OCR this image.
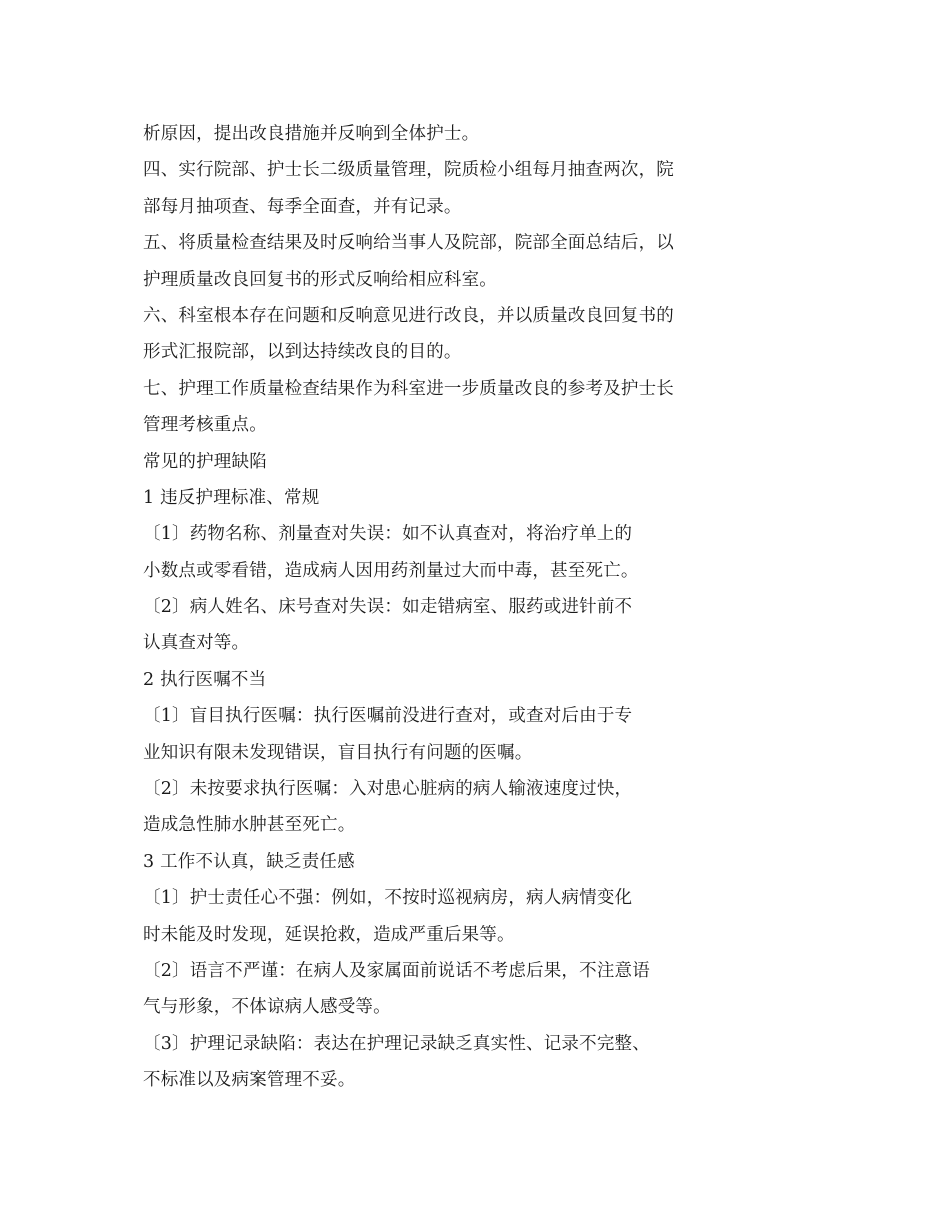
析原因，提出改良措施并反响到全体护士。
四、实行院部、护士长二级质量管理，院质检小组每月抽查两次，院
部每月抽项查、每季全面查，并有记录。
五、将质量检查结果及时反响给当事人及院部，院部全面总结后，以
护理质量改良回复书的形式反响给相应科室。
六、科室根本存在问题和反响意见进行改良，并以质量改良回复书的
形式汇报院部，以到达持续改良的目的。
七、护理工作质量检查结果作为科室进一步质量改良的参考及护士长
管理考核重点。
常见的护理缺陷
1 违反护理标准、常规
〔1〕药物名称、剂量查对失误：如不认真查对，将治疗单上的
小数点或零看错，造成病人因用药剂量过大而中毒，甚至死亡。
〔2〕病人姓名、床号查对失误：如走错病室、服药或进针前不
认真查对等。
2 执行医嘱不当
〔1〕盲目执行医嘱：执行医嘱前没进行查对，或查对后由于专
业知识有限未发现错误，盲目执行有问题的医嘱。
〔2〕未按要求执行医嘱：入对患心脏病的病人输液速度过快，
造成急性肺水肿甚至死亡。
3 工作不认真，缺乏责任感
〔1〕护士责任心不强：例如，不按时巡视病房，病人病情变化
时未能及时发现，延误抢救，造成严重后果等。
〔2〕语言不严谨：在病人及家属面前说话不考虑后果，不注意语
气与形象，不体谅病人感受等。
〔3〕护理记录缺陷：表达在护理记录缺乏真实性、记录不完整、
不标准以及病案管理不妥。
